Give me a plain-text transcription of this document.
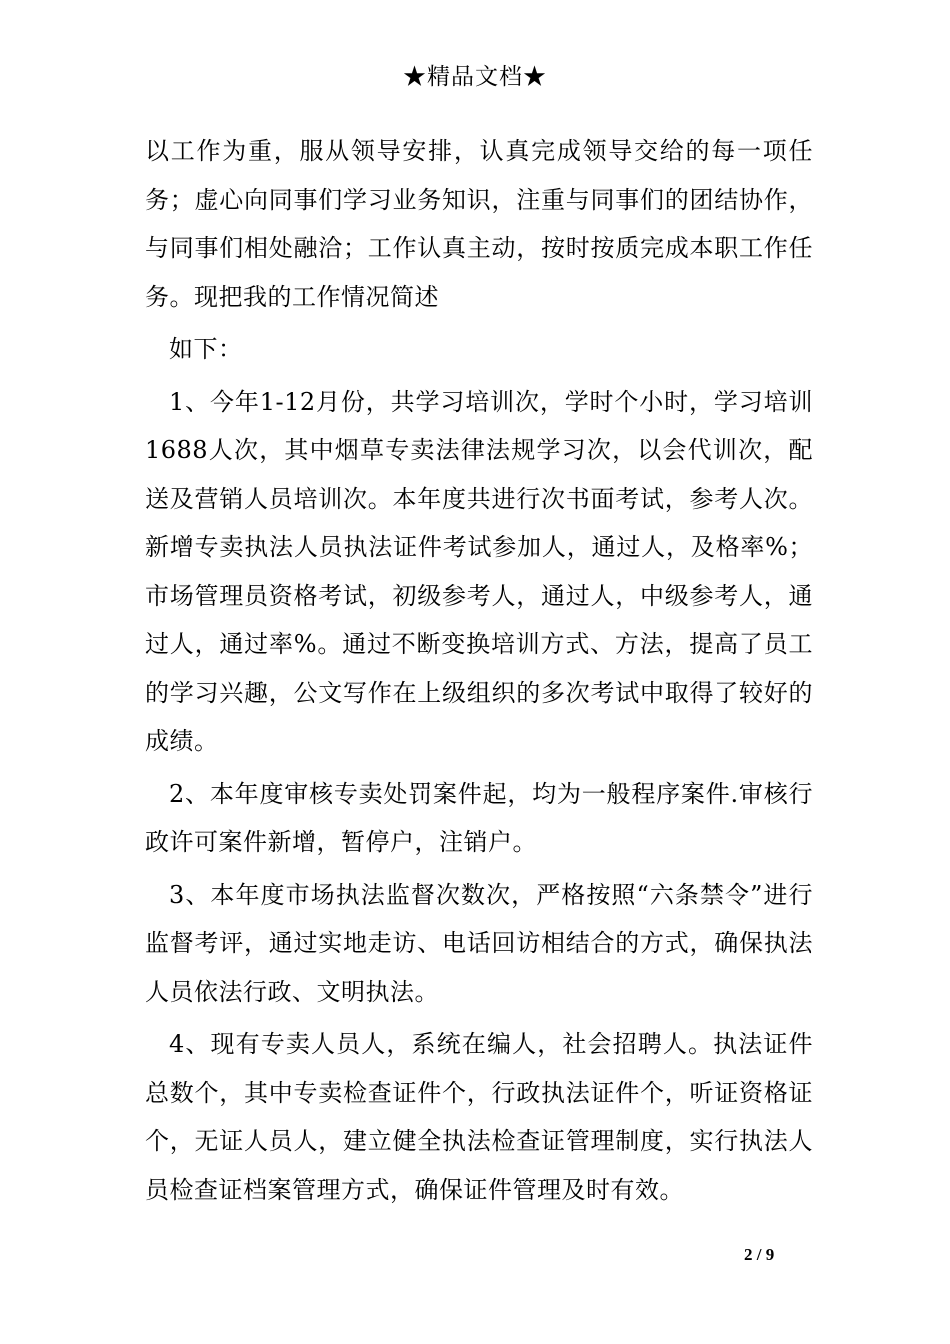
★精品文档★

以工作为重，服从领导安排，认真完成领导交给的每一项任务；虚心向同事们学习业务知识，注重与同事们的团结协作，与同事们相处融洽；工作认真主动，按时按质完成本职工作任务。现把我的工作情况简述

如下：

1、今年1-12月份，共学习培训次，学时个小时，学习培训1688人次，其中烟草专卖法律法规学习次，以会代训次，配送及营销人员培训次。本年度共进行次书面考试，参考人次。新增专卖执法人员执法证件考试参加人，通过人，及格率%；市场管理员资格考试，初级参考人，通过人，中级参考人，通过人，通过率%。通过不断变换培训方式、方法，提高了员工的学习兴趣，公文写作在上级组织的多次考试中取得了较好的成绩。

2、本年度审核专卖处罚案件起，均为一般程序案件.审核行政许可案件新增，暂停户，注销户。

3、本年度市场执法监督次数次，严格按照“六条禁令”进行监督考评，通过实地走访、电话回访相结合的方式，确保执法人员依法行政、文明执法。

4、现有专卖人员人，系统在编人，社会招聘人。执法证件总数个，其中专卖检查证件个，行政执法证件个，听证资格证个，无证人员人，建立健全执法检查证管理制度，实行执法人员检查证档案管理方式，确保证件管理及时有效。

2 / 9
